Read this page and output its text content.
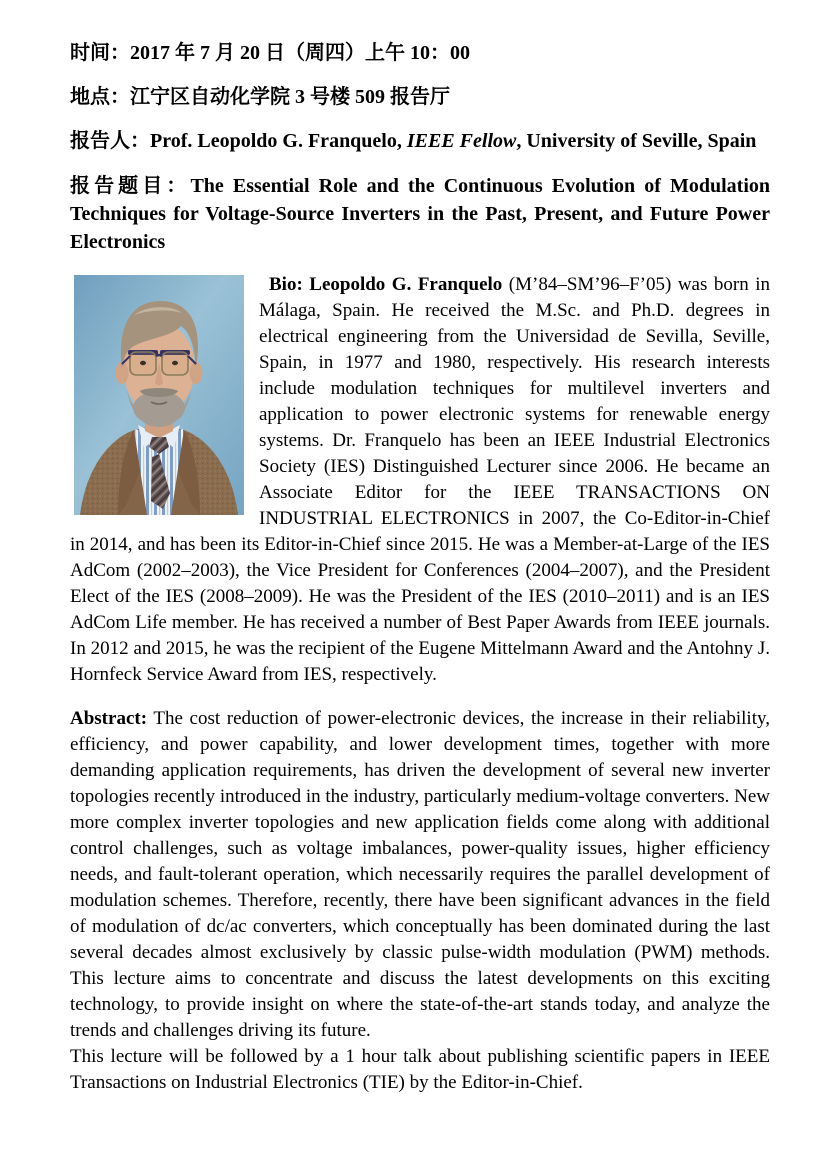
时间：2017 年 7 月 20 日（周四）上午 10：00

地点：江宁区自动化学院 3 号楼 509 报告厅

报告人：Prof. Leopoldo G. Franquelo, IEEE Fellow, University of Seville, Spain

报告题目：The Essential Role and the Continuous Evolution of Modulation Techniques for Voltage-Source Inverters in the Past, Present, and Future Power Electronics

Bio: Leopoldo G. Franquelo (M’84–SM’96–F’05) was born in Málaga, Spain. He received the M.Sc. and Ph.D. degrees in electrical engineering from the Universidad de Sevilla, Seville, Spain, in 1977 and 1980, respectively. His research interests include modulation techniques for multilevel inverters and application to power electronic systems for renewable energy systems. Dr. Franquelo has been an IEEE Industrial Electronics Society (IES) Distinguished Lecturer since 2006. He became an Associate Editor for the IEEE TRANSACTIONS ON INDUSTRIAL ELECTRONICS in 2007, the Co-Editor-in-Chief in 2014, and has been its Editor-in-Chief since 2015. He was a Member-at-Large of the IES AdCom (2002–2003), the Vice President for Conferences (2004–2007), and the President Elect of the IES (2008–2009). He was the President of the IES (2010–2011) and is an IES AdCom Life member. He has received a number of Best Paper Awards from IEEE journals. In 2012 and 2015, he was the recipient of the Eugene Mittelmann Award and the Antohny J. Hornfeck Service Award from IES, respectively.

Abstract: The cost reduction of power-electronic devices, the increase in their reliability, efficiency, and power capability, and lower development times, together with more demanding application requirements, has driven the development of several new inverter topologies recently introduced in the industry, particularly medium-voltage converters. New more complex inverter topologies and new application fields come along with additional control challenges, such as voltage imbalances, power-quality issues, higher efficiency needs, and fault-tolerant operation, which necessarily requires the parallel development of modulation schemes. Therefore, recently, there have been significant advances in the field of modulation of dc/ac converters, which conceptually has been dominated during the last several decades almost exclusively by classic pulse-width modulation (PWM) methods. This lecture aims to concentrate and discuss the latest developments on this exciting technology, to provide insight on where the state-of-the-art stands today, and analyze the trends and challenges driving its future.

This lecture will be followed by a 1 hour talk about publishing scientific papers in IEEE Transactions on Industrial Electronics (TIE) by the Editor-in-Chief.
